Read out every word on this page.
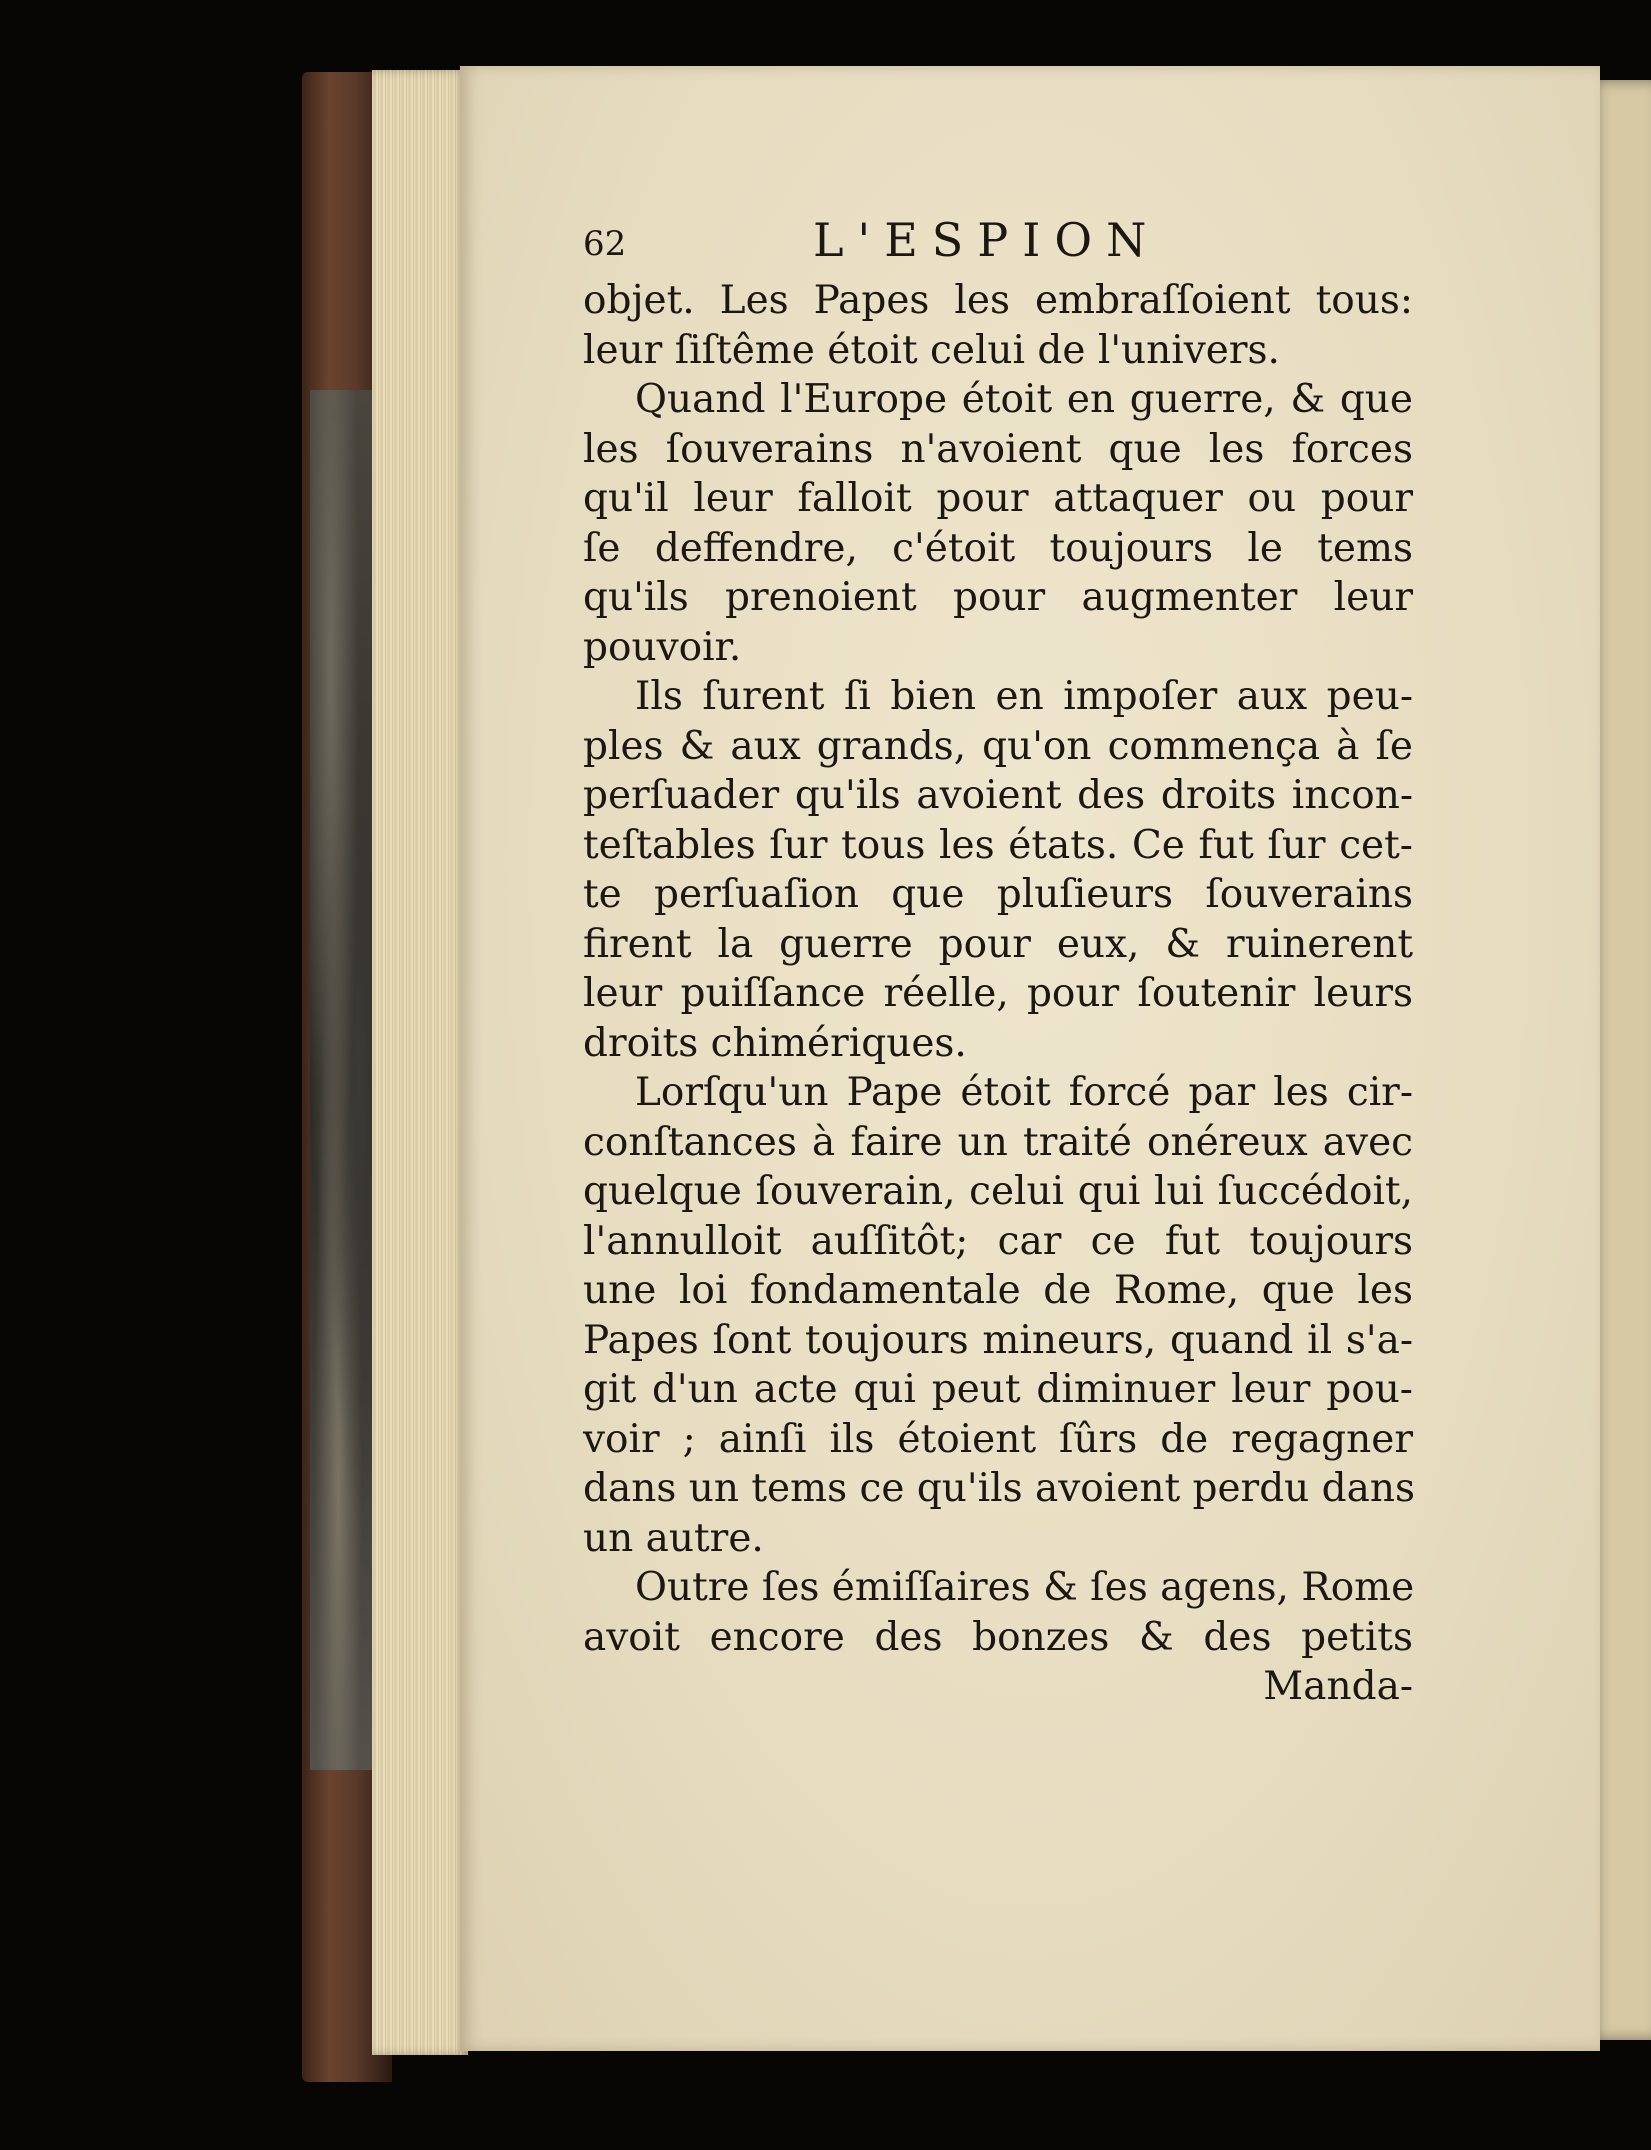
62	L'ESPION
objet. Les Papes les embraſſoient tous:
leur ſiſtême étoit celui de l'univers.
Quand l'Europe étoit en guerre, & que
les ſouverains n'avoient que les forces
qu'il leur falloit pour attaquer ou pour
ſe deffendre, c'étoit toujours le tems
qu'ils prenoient pour augmenter leur
pouvoir.
Ils ſurent ſi bien en impoſer aux peu-
ples & aux grands, qu'on commença à ſe
perſuader qu'ils avoient des droits incon-
teſtables ſur tous les états. Ce fut ſur cet-
te perſuaſion que pluſieurs ſouverains
firent la guerre pour eux, & ruinerent
leur puiſſance réelle, pour ſoutenir leurs
droits chimériques.
Lorſqu'un Pape étoit forcé par les cir-
conſtances à faire un traité onéreux avec
quelque ſouverain, celui qui lui ſuccédoit,
l'annulloit auſſitôt; car ce fut toujours
une loi fondamentale de Rome, que les
Papes ſont toujours mineurs, quand il s'a-
git d'un acte qui peut diminuer leur pou-
voir ; ainſi ils étoient ſûrs de regagner
dans un tems ce qu'ils avoient perdu dans
un autre.
Outre ſes émiſſaires & ſes agens, Rome
avoit encore des bonzes & des petits
Manda-
